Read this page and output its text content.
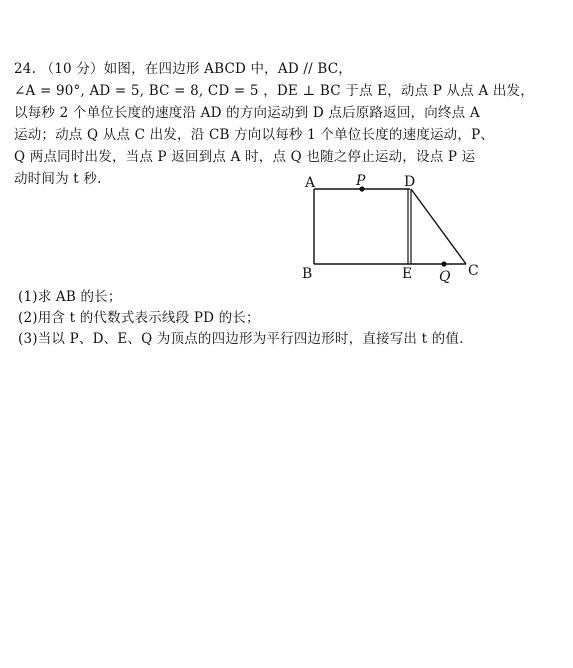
24. （10 分）如图，在四边形 ABCD 中，AD // BC，
∠A = 90°, AD = 5, BC = 8, CD = 5 ，DE ⊥ BC 于点 E，动点 P 从点 A 出发，
以每秒 2 个单位长度的速度沿 AD 的方向运动到 D 点后原路返回，向终点 A
运动；动点 Q 从点 C 出发，沿 CB 方向以每秒 1 个单位长度的速度运动，P、
Q 两点同时出发，当点 P 返回到点 A 时，点 Q 也随之停止运动，设点 P 运
动时间为 t 秒.	A	P	D
B	E Q C
(1)求 AB 的长；
(2)用含 t 的代数式表示线段 PD 的长；
(3)当以 P、D、E、Q 为顶点的四边形为平行四边形时，直接写出 t 的值.
